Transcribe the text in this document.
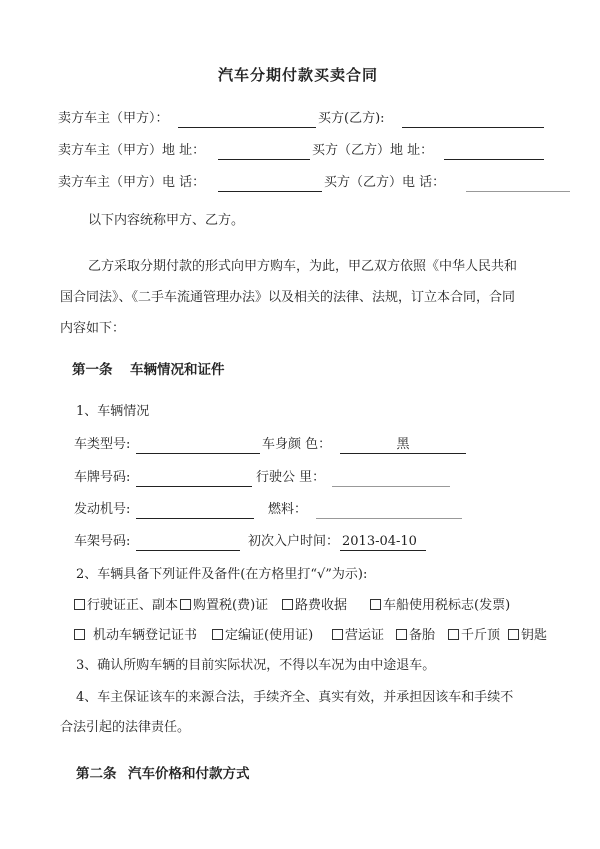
汽车分期付款买卖合同
卖方车主（甲方）：	买方(乙方):
卖方车主（甲方）地 址：	买方（乙方）地 址：
卖方车主（甲方）电 话：	买方（乙方）电 话：
以下内容统称甲方、乙方。
乙方采取分期付款的形式向甲方购车，为此，甲乙双方依照《中华人民共和
国合同法》、《二手车流通管理办法》以及相关的法律、法规，订立本合同，合同
内容如下：
第一条 车辆情况和证件
1、车辆情况
车类型号:	车身颜 色：	黑
车牌号码:	行驶公 里：
发动机号:	燃料：
车架号码:	初次入户时间： 2013-04-10
2、车辆具备下列证件及备件(在方格里打“√”为示):
行驶证正、副本	购置税(费)证	路费收据	车船使用税标志(发票)
机动车辆登记证书	定编证(使用证)	营运证	备胎	千斤顶	钥匙
3、确认所购车辆的目前实际状况，不得以车况为由中途退车。
4、车主保证该车的来源合法，手续齐全、真实有效，并承担因该车和手续不
合法引起的法律责任。
第二条 汽车价格和付款方式
